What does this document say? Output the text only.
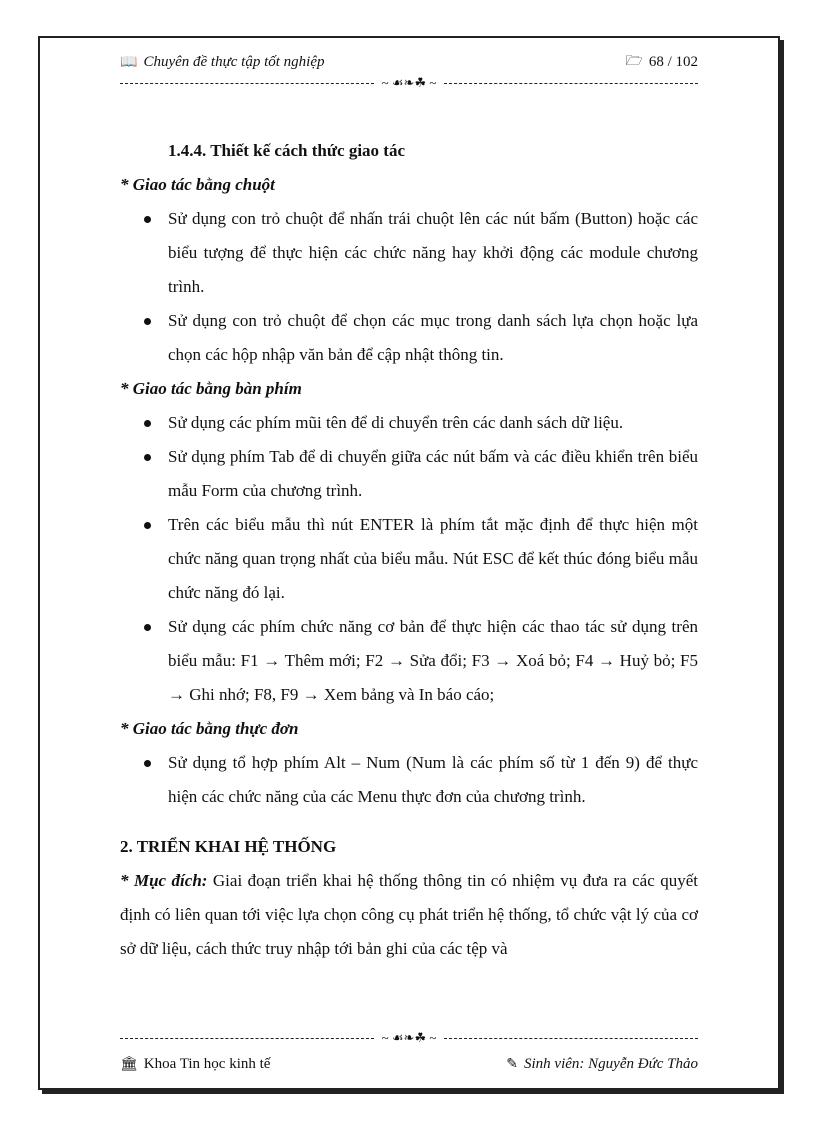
📖 Chuyên đề thực tập tốt nghiệp	🗁 68 / 102
~ ☙❧☘ ~
1.4.4. Thiết kế cách thức giao tác
* Giao tác bằng chuột
Sử dụng con trỏ chuột để nhấn trái chuột lên các nút bấm (Button) hoặc các biểu tượng để thực hiện các chức năng hay khởi động các module chương trình.
Sử dụng con trỏ chuột để chọn các mục trong danh sách lựa chọn hoặc lựa chọn các hộp nhập văn bản để cập nhật thông tin.
* Giao tác bằng bàn phím
Sử dụng các phím mũi tên để di chuyển trên các danh sách dữ liệu.
Sử dụng phím Tab để di chuyển giữa các nút bấm và các điều khiển trên biểu mẫu Form của chương trình.
Trên các biểu mẫu thì nút ENTER là phím tắt mặc định để thực hiện một chức năng quan trọng nhất của biểu mẫu. Nút ESC để kết thúc đóng biểu mẫu chức năng đó lại.
Sử dụng các phím chức năng cơ bản để thực hiện các thao tác sử dụng trên biểu mẫu: F1 → Thêm mới; F2 → Sửa đổi; F3 → Xoá bỏ; F4 → Huỷ bỏ; F5 → Ghi nhớ; F8, F9 → Xem bảng và In báo cáo;
* Giao tác bằng thực đơn
Sử dụng tổ hợp phím Alt – Num (Num là các phím số từ 1 đến 9) để thực hiện các chức năng của các Menu thực đơn của chương trình.
2. TRIỂN KHAI HỆ THỐNG
* Mục đích: Giai đoạn triển khai hệ thống thông tin có nhiệm vụ đưa ra các quyết định có liên quan tới việc lựa chọn công cụ phát triển hệ thống, tổ chức vật lý của cơ sở dữ liệu, cách thức truy nhập tới bản ghi của các tệp và
~ ☙❧☘ ~
🏛 Khoa Tin học kinh tế	✎ Sinh viên: Nguyễn Đức Thảo
